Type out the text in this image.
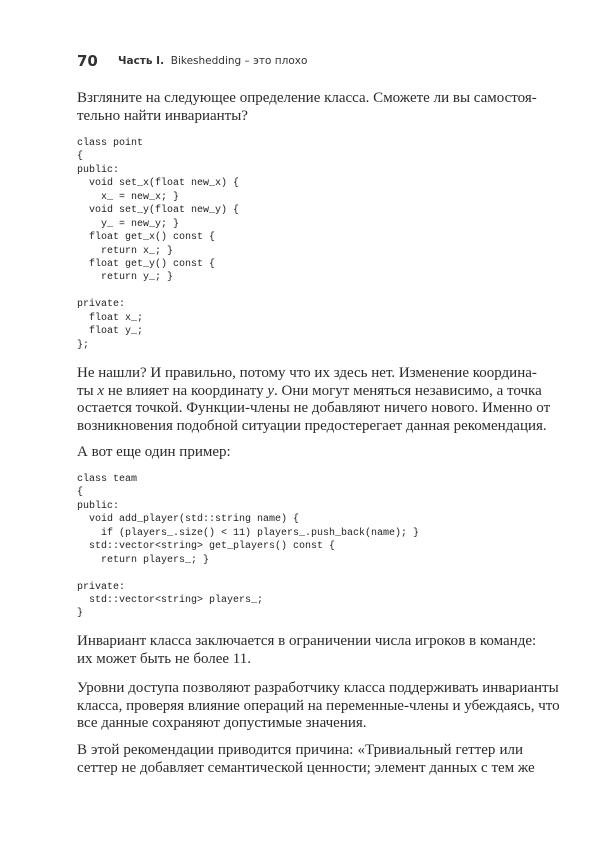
70 Часть I. Bikeshedding – это плохо
Взгляните на следующее определение класса. Сможете ли вы самостоя-
тельно найти инварианты?
class point
{
public:
void set_x(float new_x) {
x_ = new_x; }
void set_y(float new_y) {
y_ = new_y; }
float get_x() const {
return x_; }
float get_y() const {
return y_; }
private:
float x_;
float y_;
};
Не нашли? И правильно, потому что их здесь нет. Изменение координа-
ты x не влияет на координату y. Они могут меняться независимо, а точка
остается точкой. Функции-члены не добавляют ничего нового. Именно от
возникновения подобной ситуации предостерегает данная рекомендация.
А вот еще один пример:
class team
{
public:
void add_player(std::string name) {
if (players_.size() < 11) players_.push_back(name); }
std::vector<string> get_players() const {
return players_; }
private:
std::vector<string> players_;
}
Инвариант класса заключается в ограничении числа игроков в команде:
их может быть не более 11.
Уровни доступа позволяют разработчику класса поддерживать инварианты
класса, проверяя влияние операций на переменные-члены и убеждаясь, что
все данные сохраняют допустимые значения.
В этой рекомендации приводится причина: «Тривиальный геттер или
сеттер не добавляет семантической ценности; элемент данных с тем же
